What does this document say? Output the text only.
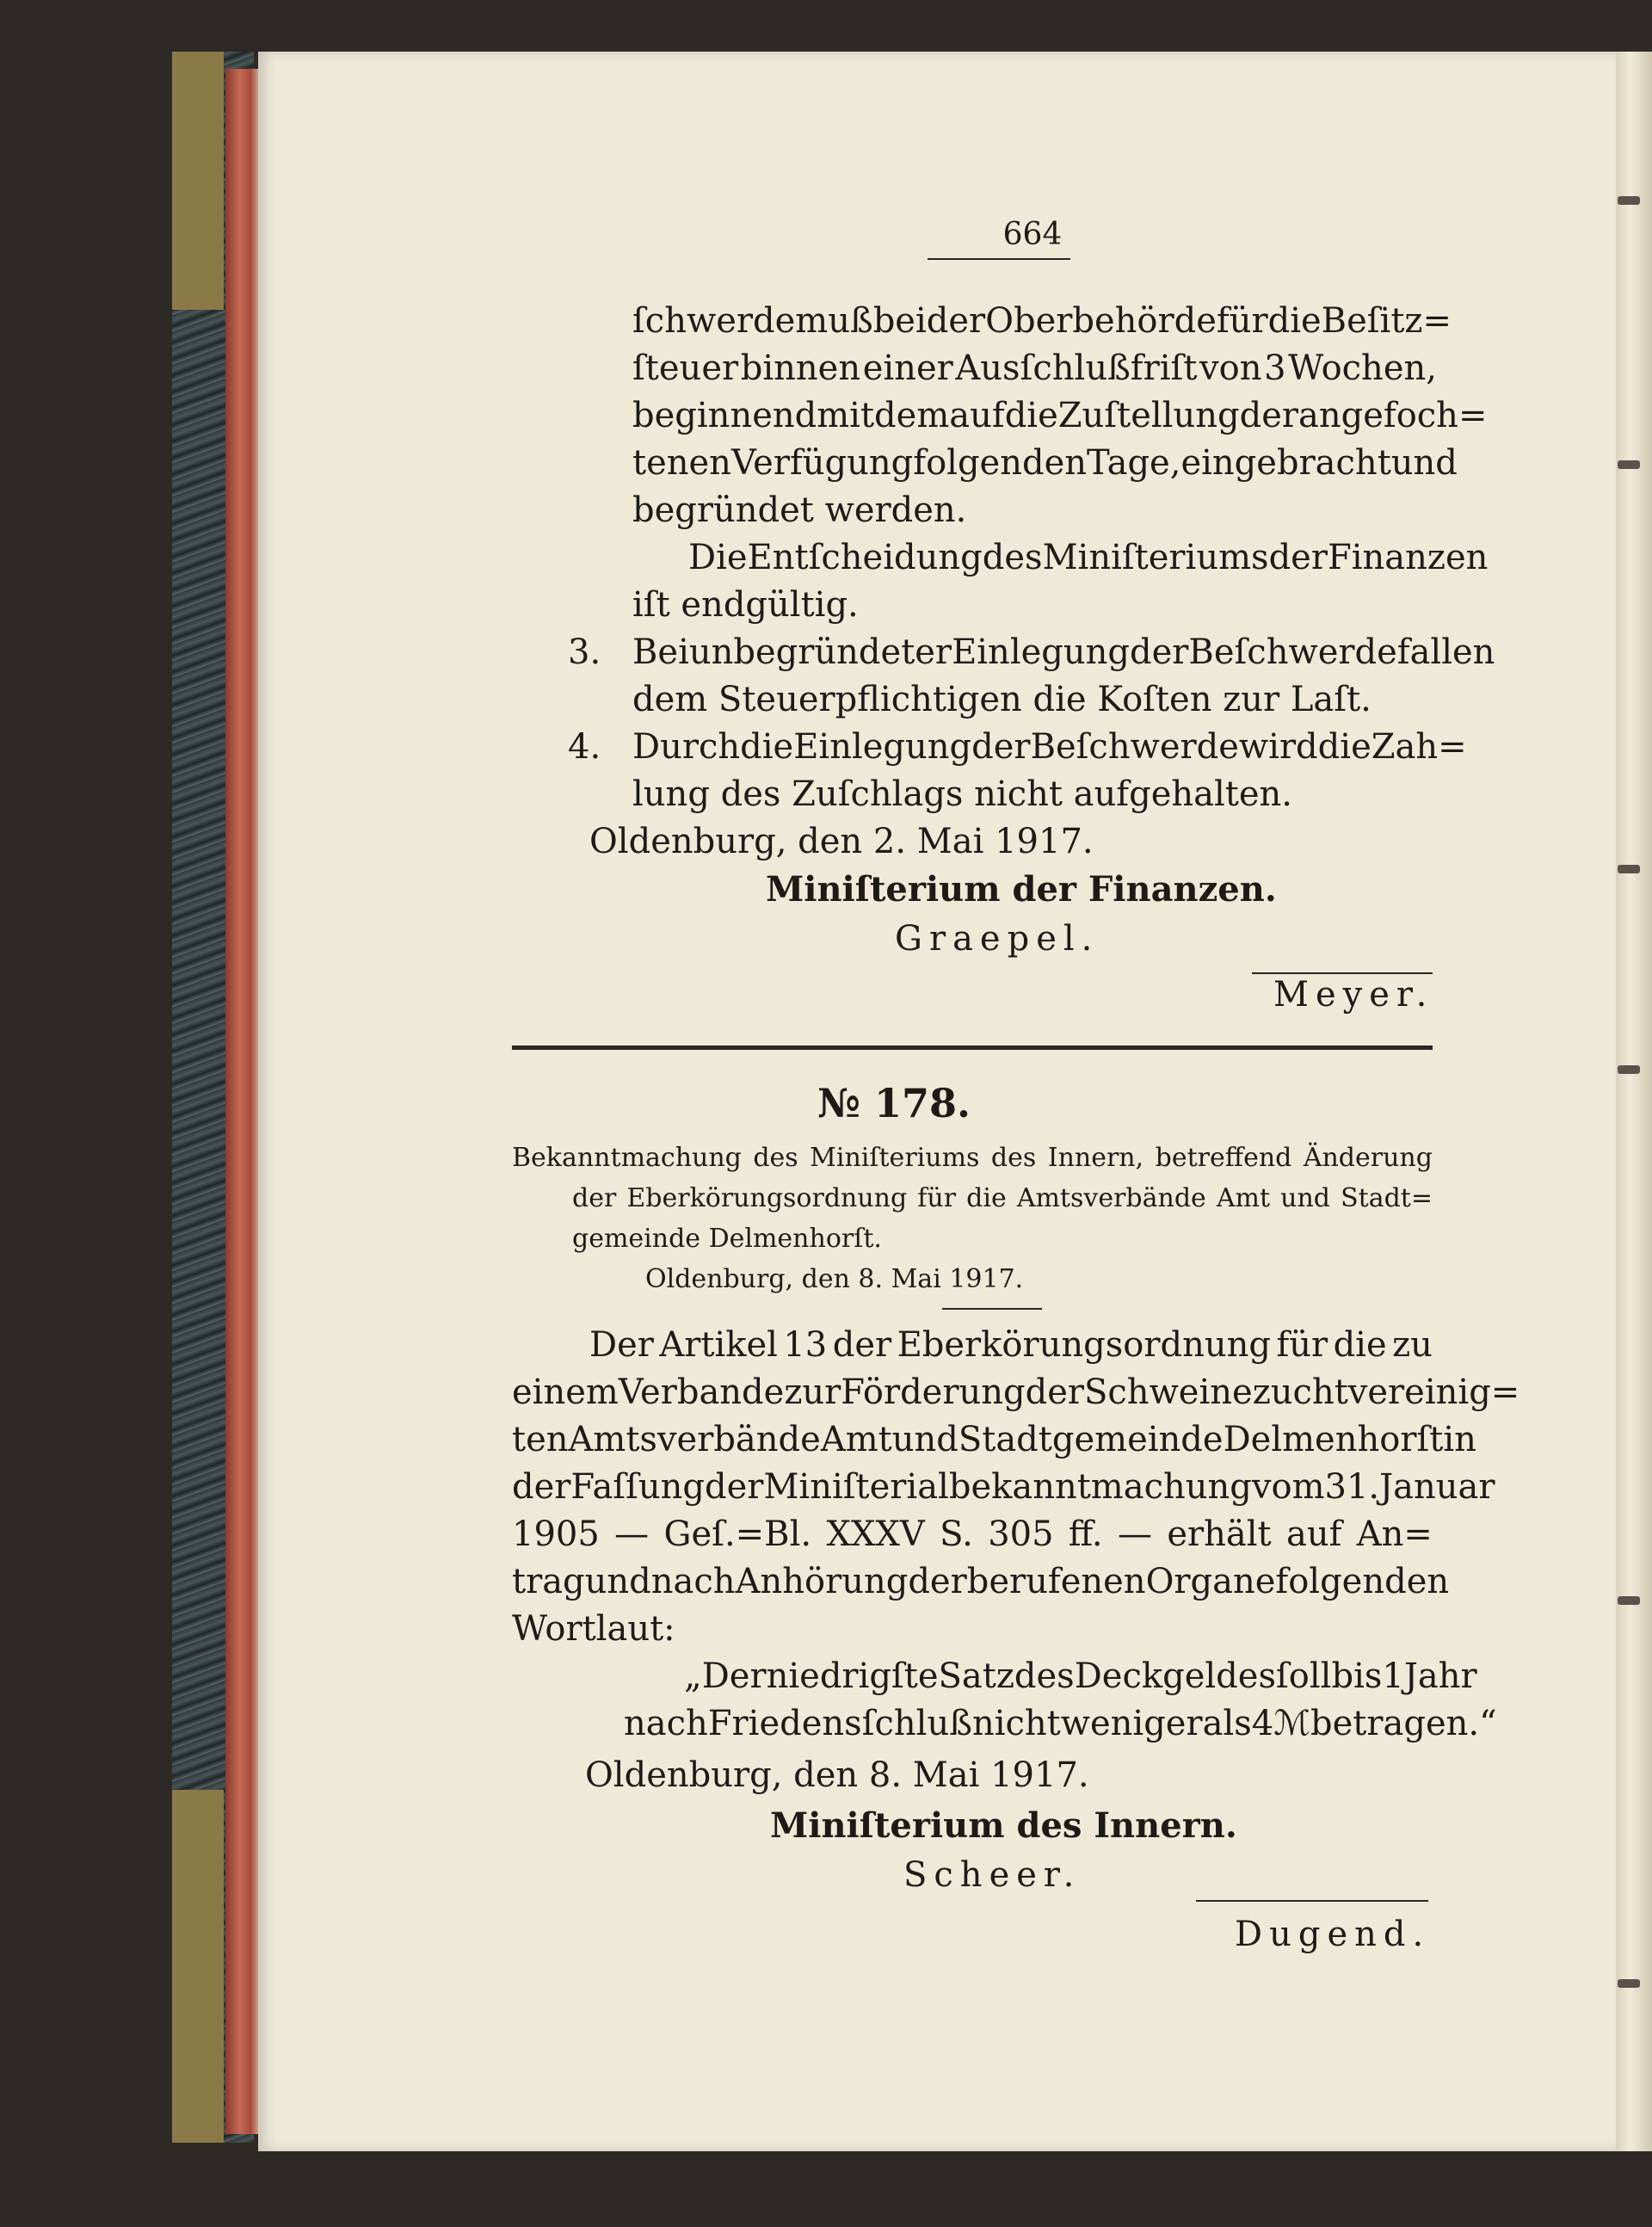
664
ſchwerde muß bei der Oberbehörde für die Beſitz=
ſteuer binnen einer Ausſchlußfriſt von 3 Wochen,
beginnend mit dem auf die Zuſtellung der angefoch=
tenen Verfügung folgenden Tage, eingebracht und
begründet werden.
Die Entſcheidung des Miniſteriums der Finanzen
iſt endgültig.
3. Bei unbegründeter Einlegung der Beſchwerde fallen
dem Steuerpflichtigen die Koſten zur Laſt.
4. Durch die Einlegung der Beſchwerde wird die Zah=
lung des Zuſchlags nicht aufgehalten.
Oldenburg, den 2. Mai 1917.
Miniſterium der Finanzen.
Graepel.
Meyer.
№ 178.
Bekanntmachung des Miniſteriums des Innern, betreffend Änderung
der Eberkörungsordnung für die Amtsverbände Amt und Stadt=
gemeinde Delmenhorſt.
Oldenburg, den 8. Mai 1917.
Der Artikel 13 der Eberkörungsordnung für die zu
einem Verbande zur Förderung der Schweinezucht vereinig=
ten Amtsverbände Amt und Stadtgemeinde Delmenhorſt in
der Faſſung der Miniſterialbekanntmachung vom 31. Januar
1905 — Geſ.=Bl. XXXV S. 305 ff. — erhält auf An=
trag und nach Anhörung der berufenen Organe folgenden
Wortlaut:
„Der niedrigſte Satz des Deckgeldes ſoll bis 1 Jahr
nach Friedensſchluß nicht weniger als 4 ℳ betragen.“
Oldenburg, den 8. Mai 1917.
Miniſterium des Innern.
Scheer.
Dugend.
